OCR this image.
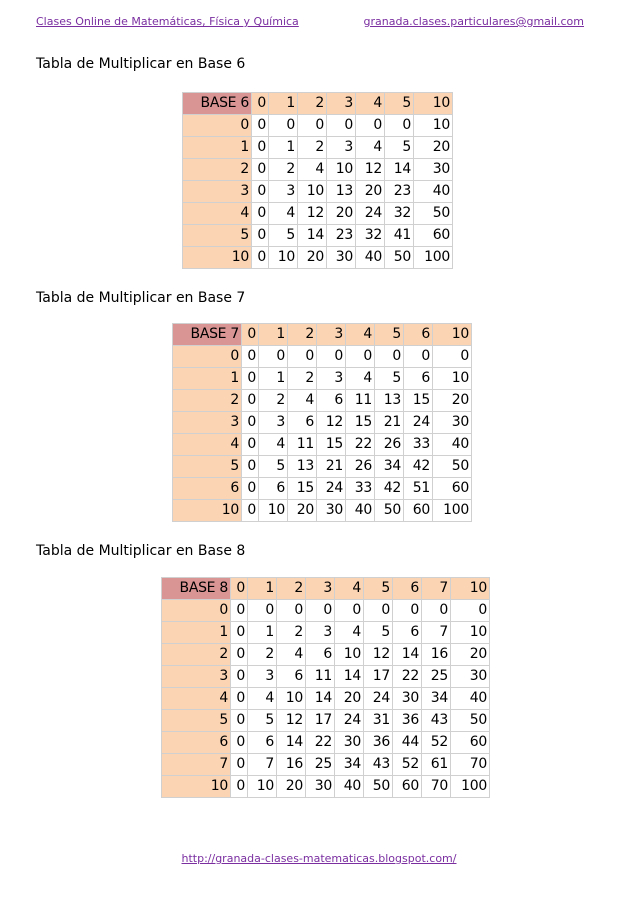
Clases Online de Matemáticas, Física y Química	granada.clases.particulares@gmail.com
Tabla de Multiplicar en Base 6
BASE 6	0	1	2	3	4	5	10
0	0	0	0	0	0	0	10
1	0	1	2	3	4	5	20
2	0	2	4	10	12	14	30
3	0	3	10	13	20	23	40
4	0	4	12	20	24	32	50
5	0	5	14	23	32	41	60
10	0	10	20	30	40	50	100
Tabla de Multiplicar en Base 7
BASE 7	0	1	2	3	4	5	6	10
0	0	0	0	0	0	0	0	0
1	0	1	2	3	4	5	6	10
2	0	2	4	6	11	13	15	20
3	0	3	6	12	15	21	24	30
4	0	4	11	15	22	26	33	40
5	0	5	13	21	26	34	42	50
6	0	6	15	24	33	42	51	60
10	0	10	20	30	40	50	60	100
Tabla de Multiplicar en Base 8
BASE 8	0	1	2	3	4	5	6	7	10
0	0	0	0	0	0	0	0	0	0
1	0	1	2	3	4	5	6	7	10
2	0	2	4	6	10	12	14	16	20
3	0	3	6	11	14	17	22	25	30
4	0	4	10	14	20	24	30	34	40
5	0	5	12	17	24	31	36	43	50
6	0	6	14	22	30	36	44	52	60
7	0	7	16	25	34	43	52	61	70
10	0	10	20	30	40	50	60	70	100
http://granada-clases-matematicas.blogspot.com/
